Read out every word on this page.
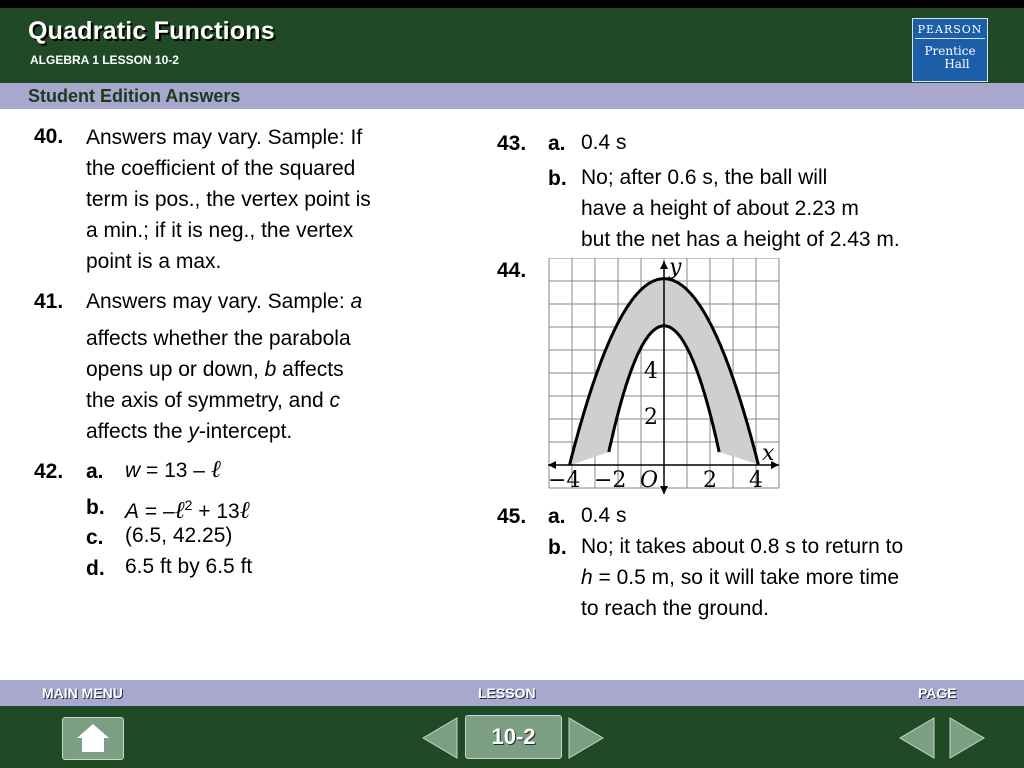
Quadratic Functions
ALGEBRA 1 LESSON 10-2
PEARSON
Prentice
Hall
Student Edition Answers
40. Answers may vary. Sample: If
the coefficient of the squared
term is pos., the vertex point is
a min.; if it is neg., the vertex
point is a max.
41. Answers may vary. Sample: a
affects whether the parabola
opens up or down, b affects
the axis of symmetry, and c
affects the y-intercept.
42. a. w = 13 – ℓ
b. A = –ℓ$^2$ + 13ℓ
c. (6.5, 42.25)
d. 6.5 ft by 6.5 ft
43. a. 0.4 s
b. No; after 0.6 s, the ball will
have a height of about 2.23 m
but the net has a height of 2.43 m.
44.	y
x
O
−4 −2	2 4
4
2
45. a. 0.4 s
b. No; it takes about 0.8 s to return to
h = 0.5 m, so it will take more time
to reach the ground.
MAIN MENU	LESSON	PAGE
10-2
